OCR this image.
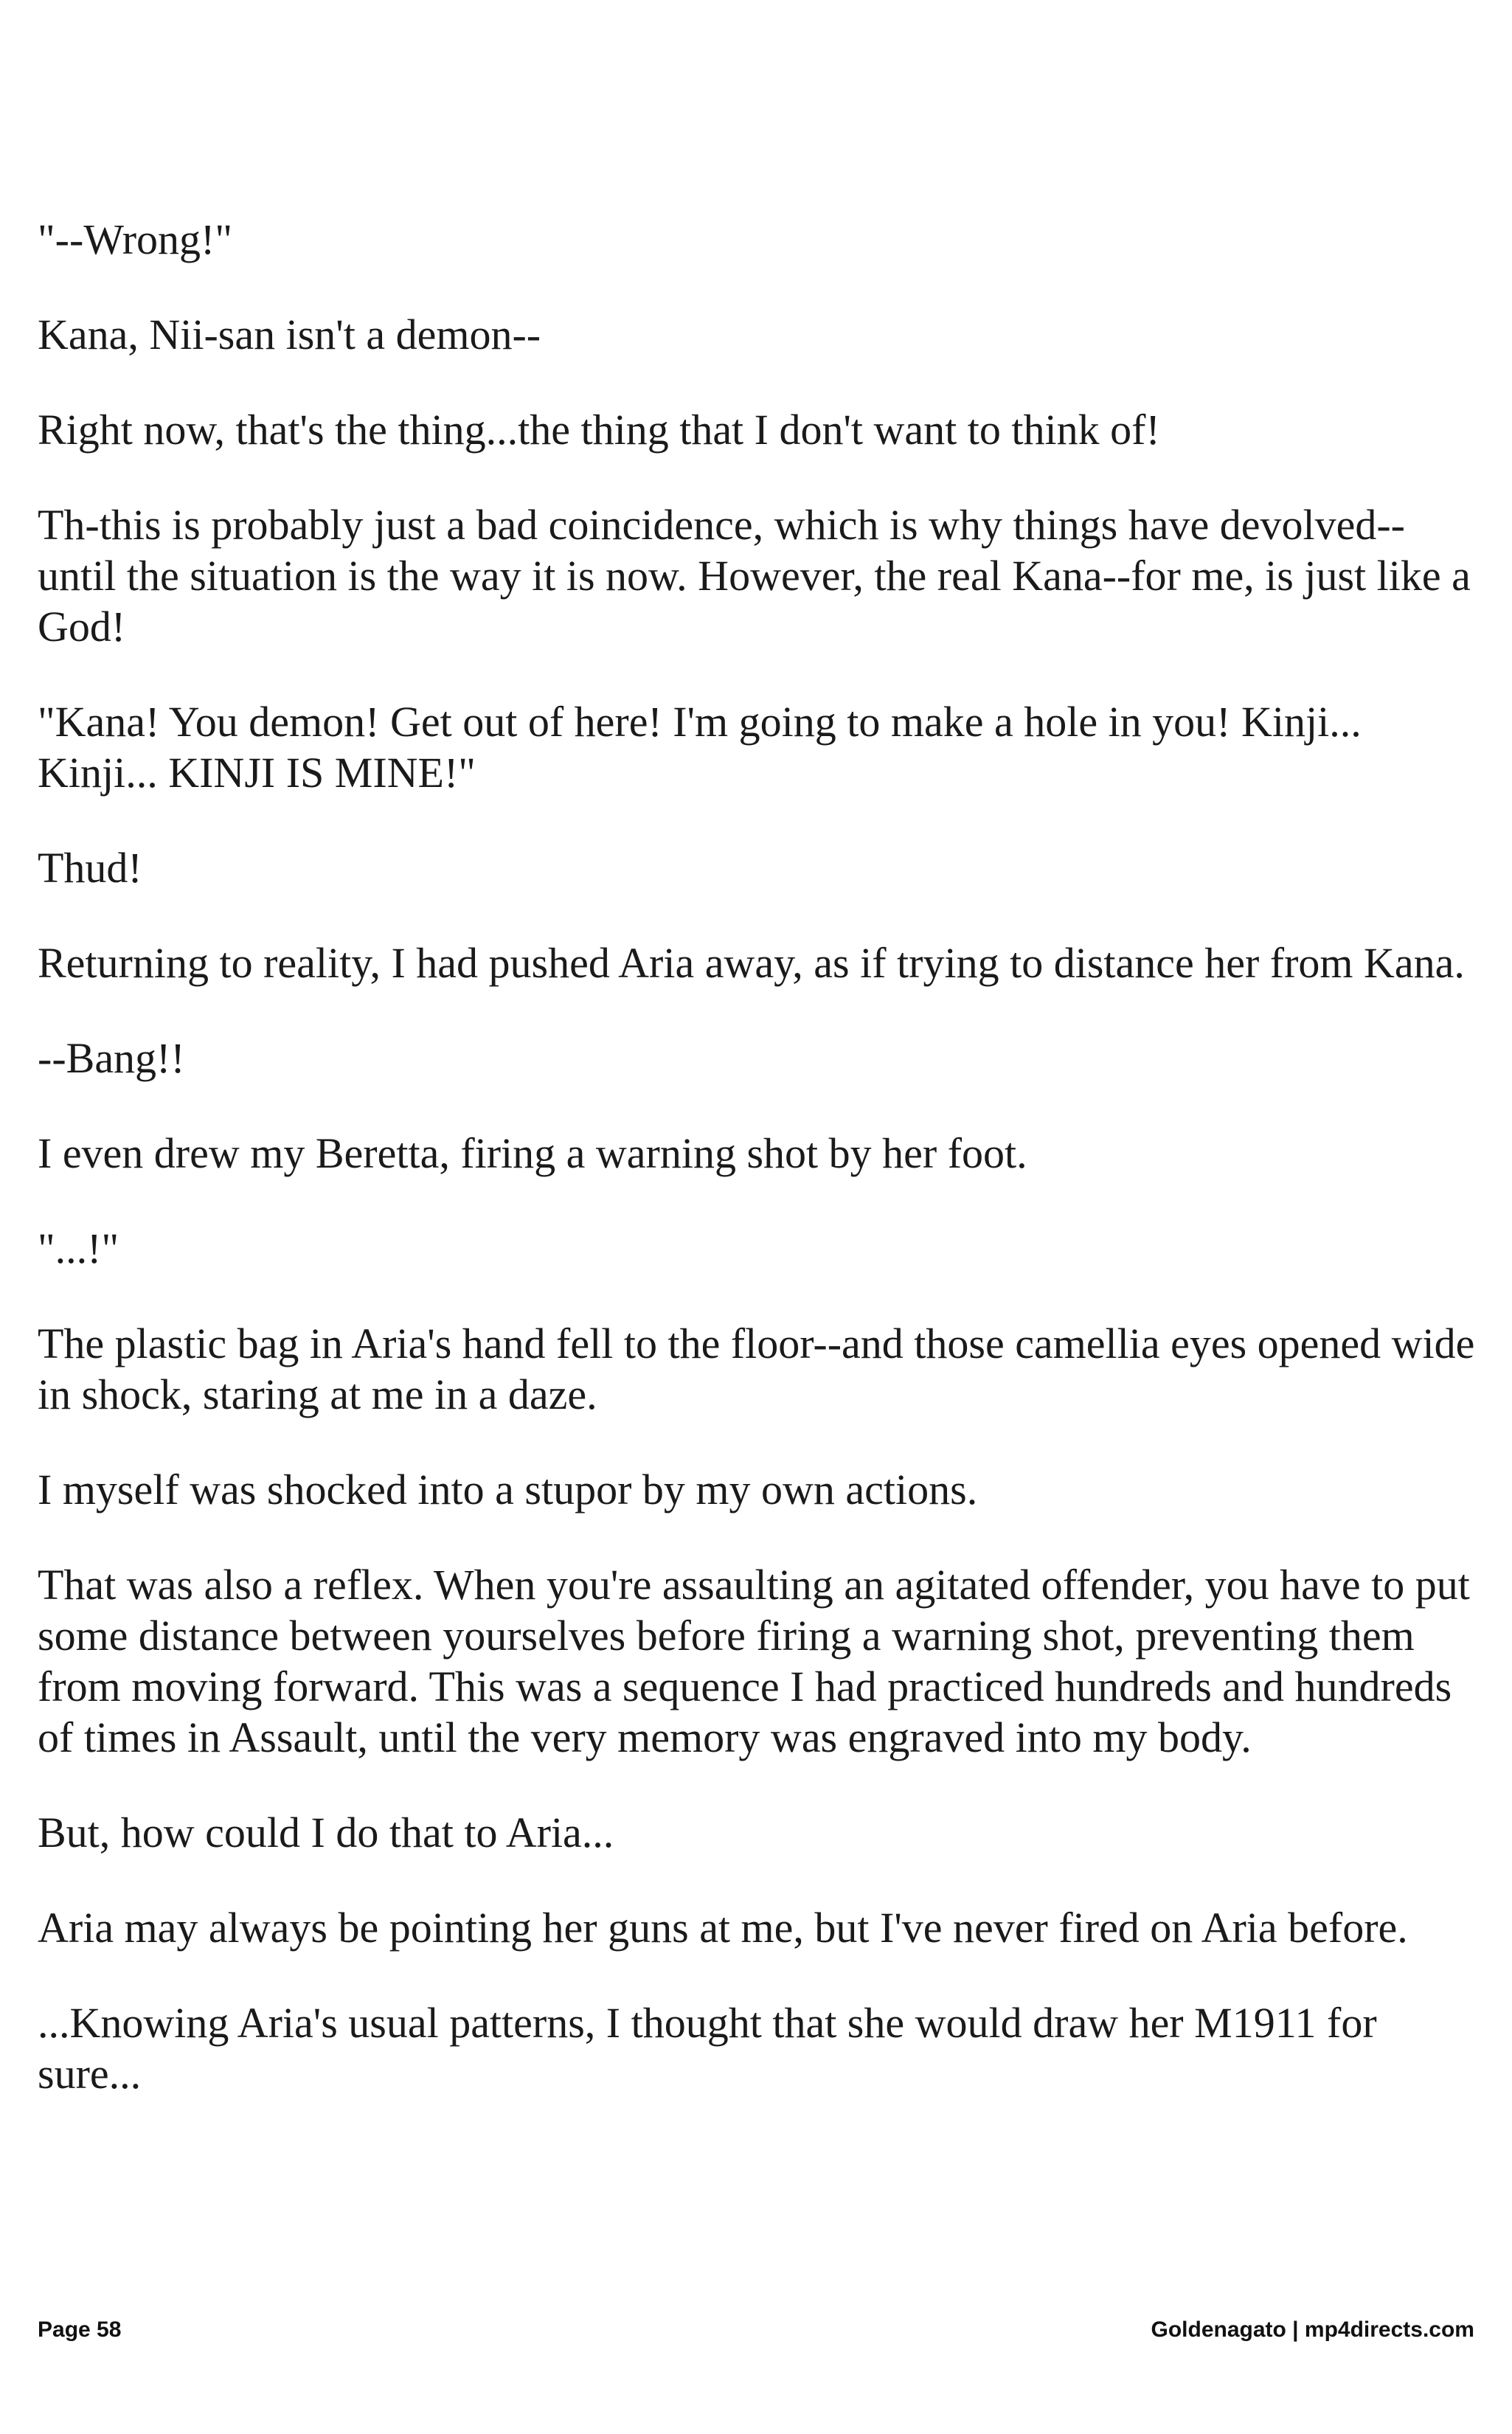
"--Wrong!"

Kana, Nii-san isn't a demon--

Right now, that's the thing...the thing that I don't want to think of!

Th-this is probably just a bad coincidence, which is why things have devolved--until the situation is the way it is now. However, the real Kana--for me, is just like a God!

"Kana! You demon! Get out of here! I'm going to make a hole in you! Kinji... Kinji... KINJI IS MINE!"

Thud!

Returning to reality, I had pushed Aria away, as if trying to distance her from Kana.

--Bang!!

I even drew my Beretta, firing a warning shot by her foot.

"...!"

The plastic bag in Aria's hand fell to the floor--and those camellia eyes opened wide in shock, staring at me in a daze.

I myself was shocked into a stupor by my own actions.

That was also a reflex. When you're assaulting an agitated offender, you have to put some distance between yourselves before firing a warning shot, preventing them from moving forward. This was a sequence I had practiced hundreds and hundreds of times in Assault, until the very memory was engraved into my body.

But, how could I do that to Aria...

Aria may always be pointing her guns at me, but I've never fired on Aria before.

...Knowing Aria's usual patterns, I thought that she would draw her M1911 for sure...

Page 58	Goldenagato | mp4directs.com
